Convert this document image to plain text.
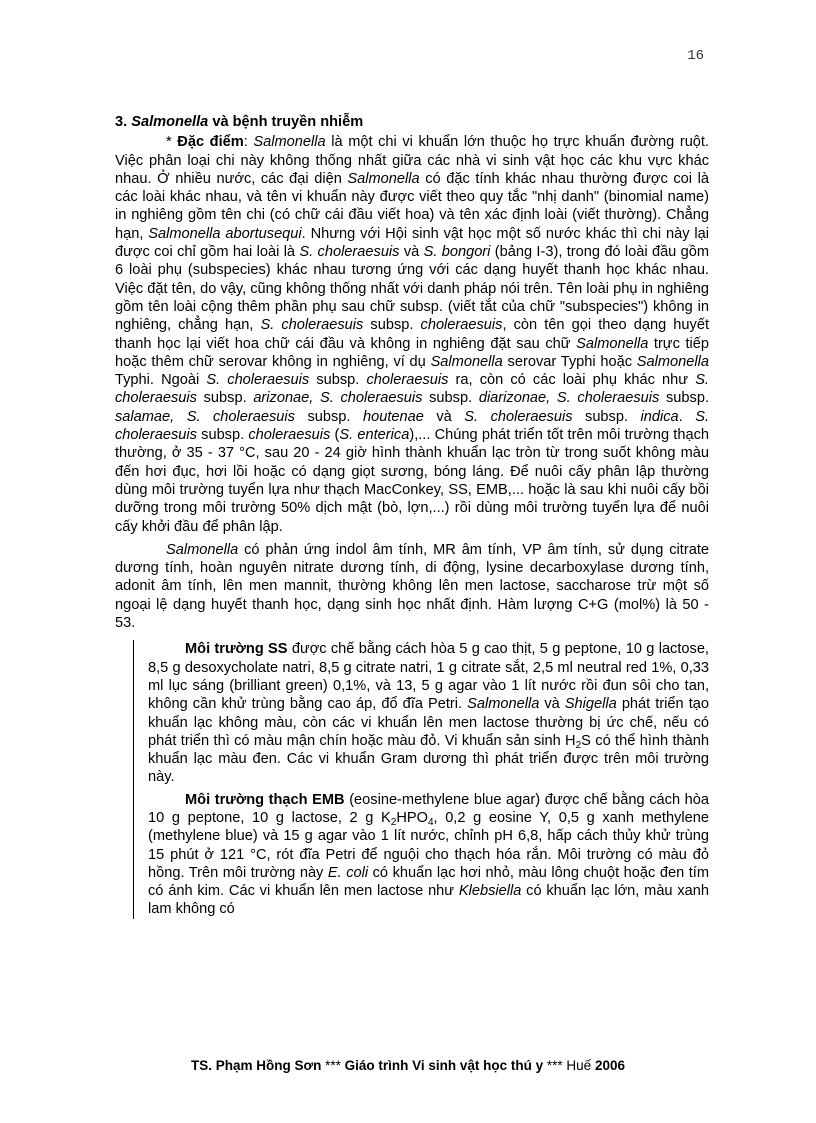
16
3. Salmonella và bệnh truyền nhiễm

* Đặc điểm: Salmonella là một chi vi khuẩn lớn thuộc họ trực khuẩn đường ruột. Việc phân loại chi này không thống nhất giữa các nhà vi sinh vật học các khu vực khác nhau. Ở nhiều nước, các đại diện Salmonella có đặc tính khác nhau thường được coi là các loài khác nhau, và tên vi khuẩn này được viết theo quy tắc "nhị danh" (binomial name) in nghiêng gồm tên chi (có chữ cái đầu viết hoa) và tên xác định loài (viết thường). Chẳng hạn, Salmonella abortusequi. Nhưng với Hội sinh vật học một số nước khác thì chi này lại được coi chỉ gồm hai loài là S. choleraesuis và S. bongori (bảng I-3), trong đó loài đầu gồm 6 loài phụ (subspecies) khác nhau tương ứng với các dạng huyết thanh học khác nhau. Việc đặt tên, do vậy, cũng không thống nhất với danh pháp nói trên. Tên loài phụ in nghiêng gồm tên loài cộng thêm phần phụ sau chữ subsp. (viết tắt của chữ "subspecies") không in nghiêng, chẳng hạn, S. choleraesuis subsp. choleraesuis, còn tên gọi theo dạng huyết thanh học lại viết hoa chữ cái đầu và không in nghiêng đặt sau chữ Salmonella trực tiếp hoặc thêm chữ serovar không in nghiêng, ví dụ Salmonella serovar Typhi hoặc Salmonella Typhi. Ngoài S. choleraesuis subsp. choleraesuis ra, còn có các loài phụ khác như S. choleraesuis subsp. arizonae, S. choleraesuis subsp. diarizonae, S. choleraesuis subsp. salamae, S. choleraesuis subsp. houtenae và S. choleraesuis subsp. indica. S. choleraesuis subsp. choleraesuis (S. enterica),... Chúng phát triển tốt trên môi trường thạch thường, ở 35 - 37 °C, sau 20 - 24 giờ hình thành khuẩn lạc tròn từ trong suốt không màu đến hơi đục, hơi lồi hoặc có dạng giọt sương, bóng láng. Để nuôi cấy phân lập thường dùng môi trường tuyển lựa như thạch MacConkey, SS, EMB,... hoặc là sau khi nuôi cấy bồi dưỡng trong môi trường 50% dịch mật (bò, lợn,...) rồi dùng môi trường tuyển lựa để nuôi cấy khởi đầu để phân lập.

Salmonella có phản ứng indol âm tính, MR âm tính, VP âm tính, sử dụng citrate dương tính, hoàn nguyên nitrate dương tính, di động, lysine decarboxylase dương tính, adonit âm tính, lên men mannit, thường không lên men lactose, saccharose trừ một số ngoại lệ dạng huyết thanh học, dạng sinh học nhất định. Hàm lượng C+G (mol%) là 50 - 53.

Môi trường SS được chế bằng cách hòa 5 g cao thịt, 5 g peptone, 10 g lactose, 8,5 g desoxycholate natri, 8,5 g citrate natri, 1 g citrate sắt, 2,5 ml neutral red 1%, 0,33 ml lục sáng (brilliant green) 0,1%, và 13, 5 g agar vào 1 lít nước rồi đun sôi cho tan, không cần khử trùng bằng cao áp, đổ đĩa Petri. Salmonella và Shigella phát triển tạo khuẩn lạc không màu, còn các vi khuẩn lên men lactose thường bị ức chế, nếu có phát triển thì có màu mận chín hoặc màu đỏ. Vi khuẩn sản $\sinh H_2S$ có thể hình thành khuẩn lạc màu đen. Các vi khuẩn Gram dương thì phát triển được trên môi trường này.

Môi trường thạch EMB (eosine-methylene blue agar) được chế bằng cách hòa 10 g peptone, 10 g lactose, 2 g $K_2HPO_4$, 0,2 g eosine Y, 0,5 g xanh methylene (methylene blue) và 15 g agar vào 1 lít nước, chỉnh pH 6,8, hấp cách thủy khử trùng 15 phút ở 121 °C, rót đĩa Petri để nguội cho thạch hóa rắn. Môi trường có màu đỏ hồng. Trên môi trường này E. coli có khuẩn lạc hơi nhỏ, màu lông chuột hoặc đen tím có ánh kim. Các vi khuẩn lên men lactose như Klebsiella có khuẩn lạc lớn, màu xanh lam không có

TS. Phạm Hồng Sơn *** Giáo trình Vi sinh vật học thú y *** Huế 2006
